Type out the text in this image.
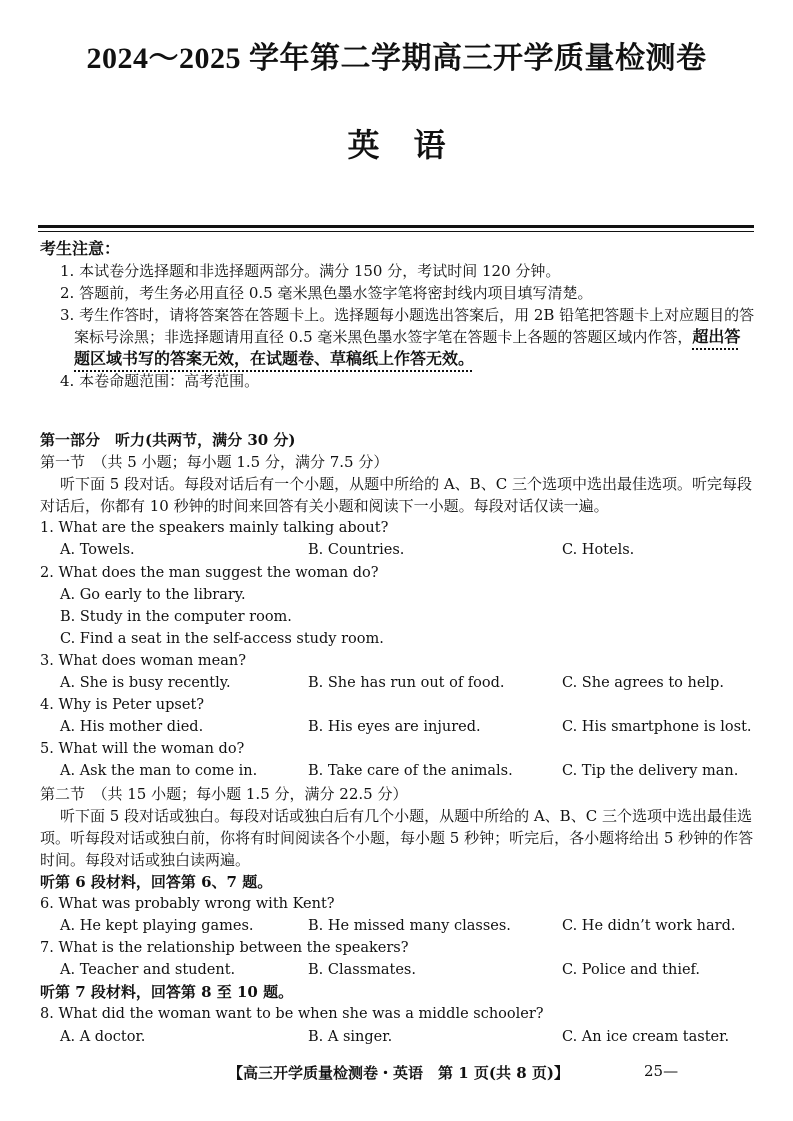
2024～2025 学年第二学期高三开学质量检测卷
英语
考生注意：
1. 本试卷分选择题和非选择题两部分。满分 150 分，考试时间 120 分钟。
2. 答题前，考生务必用直径 0.5 毫米黑色墨水签字笔将密封线内项目填写清楚。
3. 考生作答时，请将答案答在答题卡上。选择题每小题选出答案后，用 2B 铅笔把答题卡上对应题目的答案标号涂黑；非选择题请用直径 0.5 毫米黑色墨水签字笔在答题卡上各题的答题区域内作答，超出答题区域书写的答案无效，在试题卷、草稿纸上作答无效。
4. 本卷命题范围：高考范围。
第一部分　听力(共两节，满分 30 分)
第一节　（共 5 小题；每小题 1.5 分，满分 7.5 分）
听下面 5 段对话。每段对话后有一个小题，从题中所给的 A、B、C 三个选项中选出最佳选项。听完每段对话后，你都有 10 秒钟的时间来回答有关小题和阅读下一小题。每段对话仅读一遍。
1. What are the speakers mainly talking about?
A. Towels.	B. Countries.	C. Hotels.
2. What does the man suggest the woman do?
A. Go early to the library.
B. Study in the computer room.
C. Find a seat in the self-access study room.
3. What does woman mean?
A. She is busy recently.	B. She has run out of food.	C. She agrees to help.
4. Why is Peter upset?
A. His mother died.	B. His eyes are injured.	C. His smartphone is lost.
5. What will the woman do?
A. Ask the man to come in.	B. Take care of the animals.	C. Tip the delivery man.
第二节　（共 15 小题；每小题 1.5 分，满分 22.5 分）
听下面 5 段对话或独白。每段对话或独白后有几个小题，从题中所给的 A、B、C 三个选项中选出最佳选项。听每段对话或独白前，你将有时间阅读各个小题，每小题 5 秒钟；听完后，各小题将给出 5 秒钟的作答时间。每段对话或独白读两遍。
听第 6 段材料，回答第 6、7 题。
6. What was probably wrong with Kent?
A. He kept playing games.	B. He missed many classes.	C. He didn’t work hard.
7. What is the relationship between the speakers?
A. Teacher and student.	B. Classmates.	C. Police and thief.
听第 7 段材料，回答第 8 至 10 题。
8. What did the woman want to be when she was a middle schooler?
A. A doctor.	B. A singer.	C. An ice cream taster.
【高三开学质量检测卷・英语　第 1 页(共 8 页)】	25—
